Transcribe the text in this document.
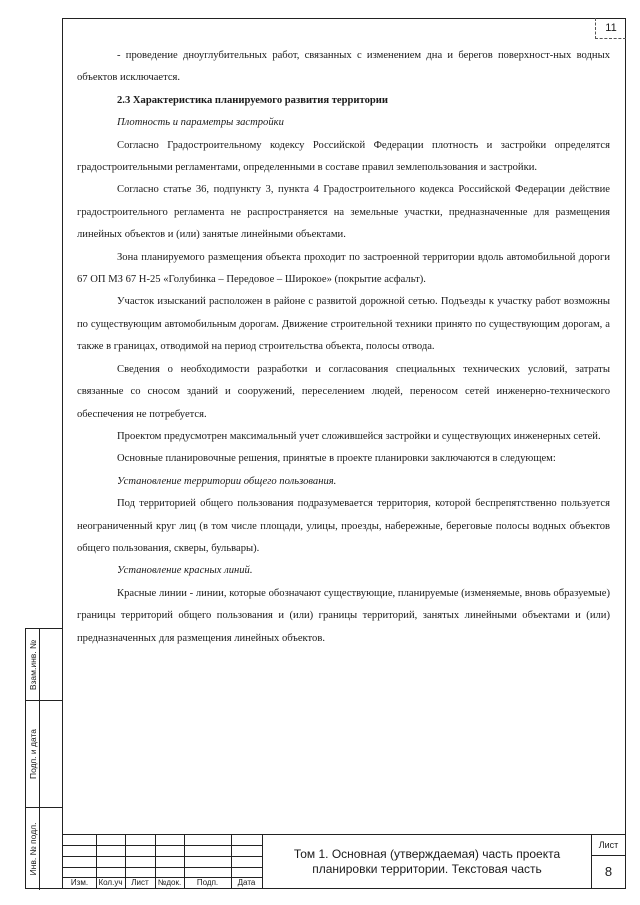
11

- проведение дноуглубительных работ, связанных с изменением дна и берегов поверхност-ных водных объектов исключается.

2.3 Характеристика планируемого развития территории

Плотность и параметры застройки

Согласно Градостроительному кодексу Российской Федерации плотность и застройки определятся градостроительными регламентами, определенными в составе правил землепользования и застройки.

Согласно статье 36, подпункту 3, пункта 4 Градостроительного кодекса Российской Федерации действие градостроительного регламента не распространяется на земельные участки, предназначенные для размещения линейных объектов и (или) занятые линейными объектами.

Зона планируемого размещения объекта проходит по застроенной территории вдоль автомобильной дороги 67 ОП МЗ 67 Н-25 «Голубинка – Передовое – Широкое» (покрытие асфальт).

Участок изысканий расположен в районе с развитой дорожной сетью. Подъезды к участку работ возможны по существующим автомобильным дорогам. Движение строительной техники принято по существующим дорогам, а также в границах, отводимой на период строительства объекта, полосы отвода.

Сведения о необходимости разработки и согласования специальных технических условий, затраты связанные со сносом зданий и сооружений, переселением людей, переносом сетей инженерно-технического обеспечения не потребуется.

Проектом предусмотрен максимальный учет сложившейся застройки и существующих инженерных сетей.

Основные планировочные решения, принятые в проекте планировки заключаются в следующем:

Установление территории общего пользования.

Под территорией общего пользования подразумевается территория, которой беспрепятственно пользуется неограниченный круг лиц (в том числе площади, улицы, проезды, набережные, береговые полосы водных объектов общего пользования, скверы, бульвары).

Установление красных линий.

Красные линии - линии, которые обозначают существующие, планируемые (изменяемые, вновь образуемые) границы территорий общего пользования и (или) границы территорий, занятых линейными объектами и (или) предназначенных для размещения линейных объектов.

Изм.	Кол.уч	Лист	№док.	Подп.	Дата
Том 1. Основная (утверждаемая) часть проекта планировки территории. Текстовая часть
Лист
8
Взам.инв. №
Подп. и дата
Инв. № подл.
